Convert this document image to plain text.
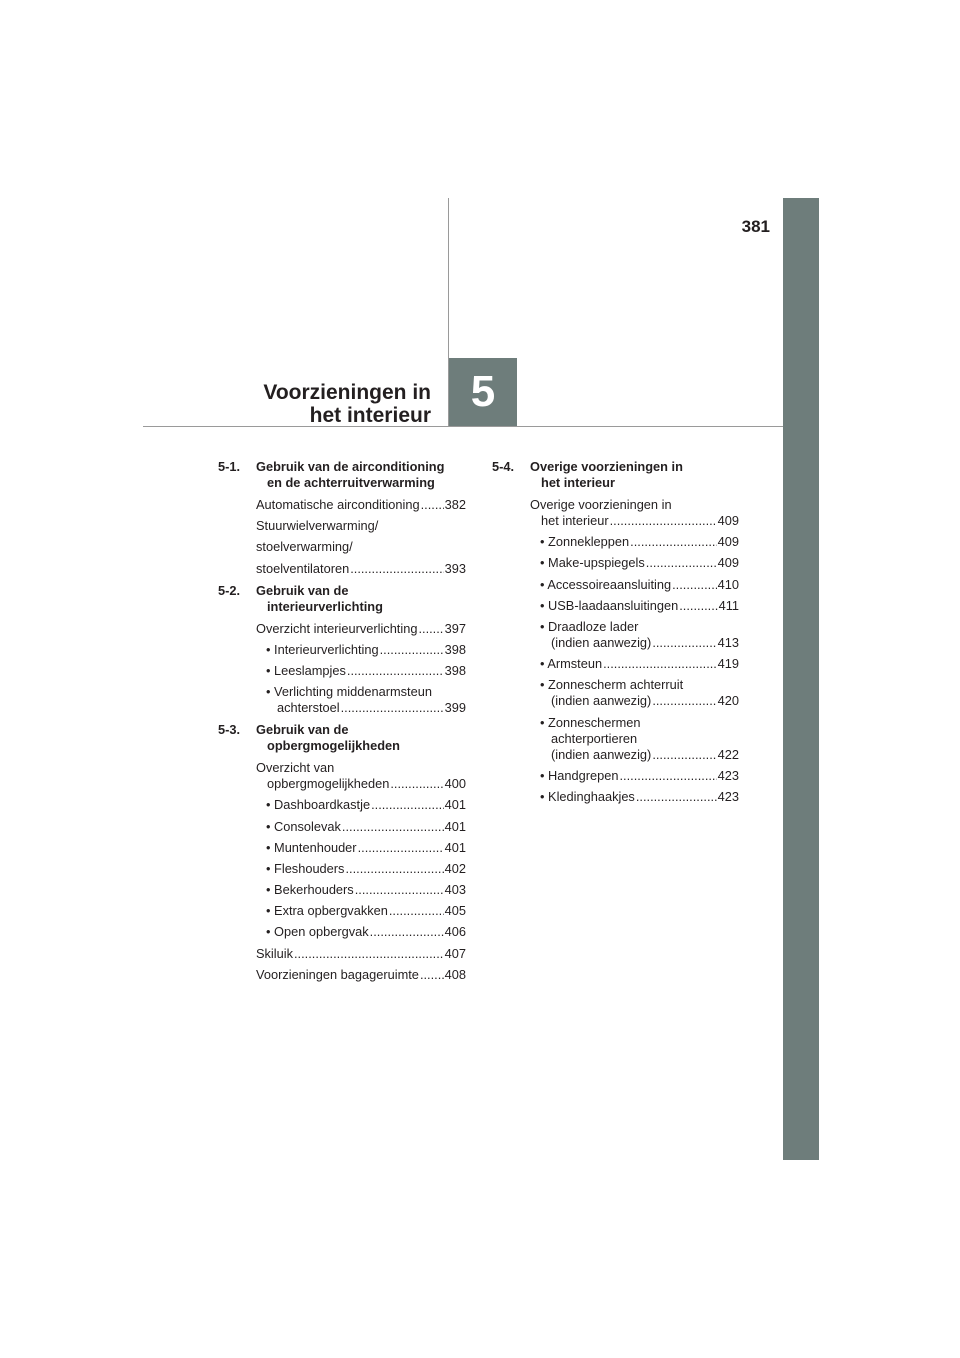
381
5
Voorzieningen in
het interieur
5-1.	Gebruik van de airconditioning
en de achterruitverwarming
Automatische airconditioning ..... 382
Stuurwielverwarming/
stoelverwarming/
stoelventilatoren .....	393
5-2.	Gebruik van de
interieurverlichting
Overzicht interieurverlichting ..... 397
• Interieurverlichting .....	398
• Leeslampjes .....	398
• Verlichting middenarmsteun
achterstoel .....	399
5-3.	Gebruik van de
opbergmogelijkheden
Overzicht van
opbergmogelijkheden .....	400
• Dashboardkastje .....	401
• Consolevak .....	401
• Muntenhouder .....	401
• Fleshouders .....	402
• Bekerhouders .....	403
• Extra opbergvakken .....	405
• Open opbergvak .....	406
Skiluik .....	407
Voorzieningen bagageruimte ..... 408
5-4.	Overige voorzieningen in
het interieur
Overige voorzieningen in
het interieur .....	409
• Zonnekleppen .....	409
• Make-upspiegels .....	409
• Accessoireaansluiting .....	410
• USB-laadaansluitingen .....	411
• Draadloze lader
(indien aanwezig) .....	413
• Armsteun .....	419
• Zonnescherm achterruit
(indien aanwezig) .....	420
• Zonneschermen
achterportieren
(indien aanwezig) .....	422
• Handgrepen .....	423
• Kledinghaakjes .....	423
